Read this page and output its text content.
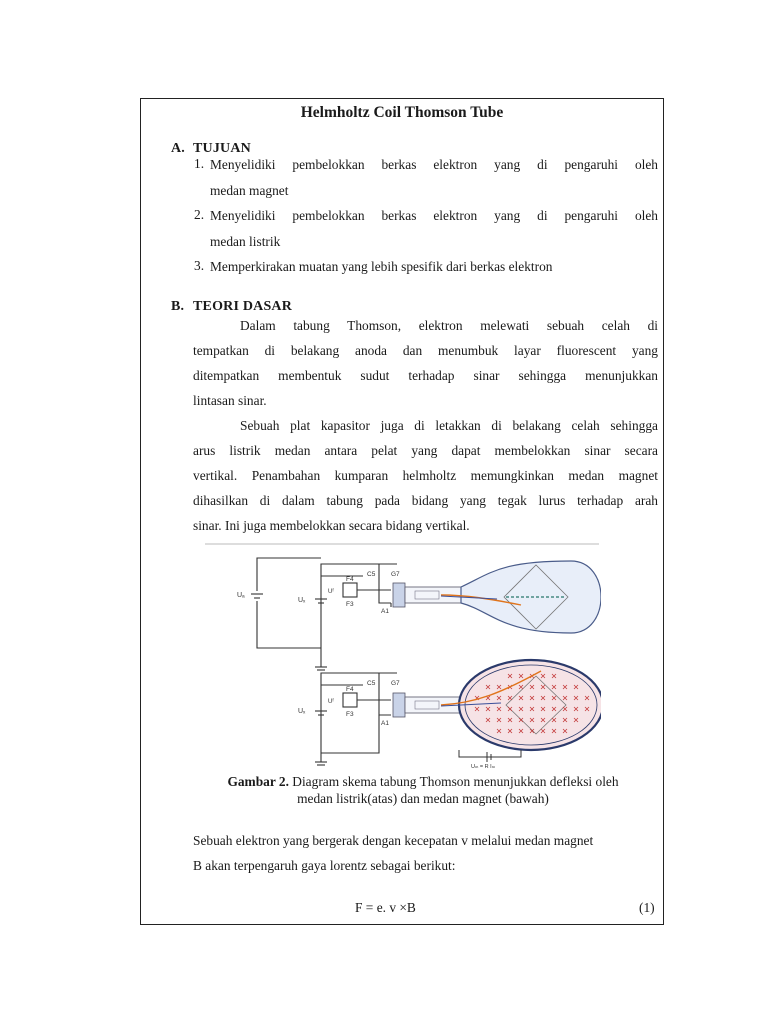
Helmholtz Coil Thomson Tube
A. TUJUAN
1. Menyelidiki pembelokkan berkas elektron yang di pengaruhi oleh
medan magnet
2. Menyelidiki pembelokkan berkas elektron yang di pengaruhi oleh
medan listrik
3. Memperkirakan muatan yang lebih spesifik dari berkas elektron
B. TEORI DASAR
Dalam tabung Thomson, elektron melewati sebuah celah di
tempatkan di belakang anoda dan menumbuk layar fluorescent yang
ditempatkan membentuk sudut terhadap sinar sehingga menunjukkan
lintasan sinar.
Sebuah plat kapasitor juga di letakkan di belakang celah sehingga
arus listrik medan antara pelat yang dapat membelokkan sinar secara
vertikal. Penambahan kumparan helmholtz memungkinkan medan magnet
dihasilkan di dalam tabung pada bidang yang tegak lurus terhadap arah
sinar. Ini juga membelokkan secara bidang vertikal.
Uₐ
Uₓ
Uᶠ
F4
F3
C5 G7
A1
Uₓ
Uᶠ
F4
F3
C5 G7
A1
Uₘ = R Iₘ
Gambar 2. Diagram skema tabung Thomson menunjukkan defleksi oleh
medan listrik(atas) dan medan magnet (bawah)
Sebuah elektron yang bergerak dengan kecepatan v melalui medan magnet
B akan terpengaruh gaya lorentz sebagai berikut:
F = e. v ×B	(1)
